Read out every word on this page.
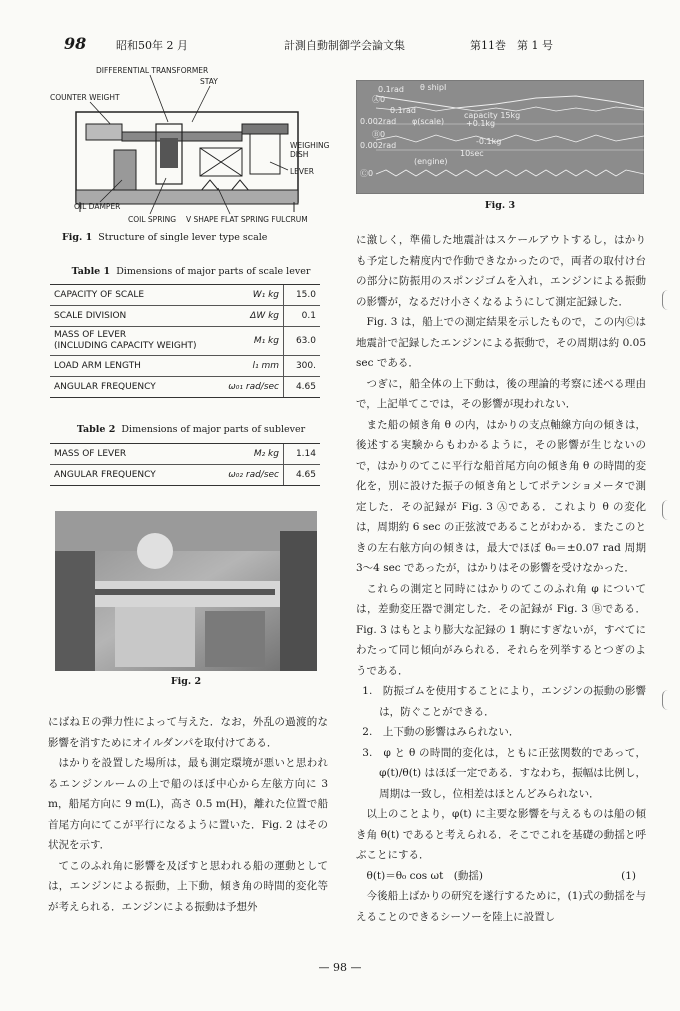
98	昭和50年 2 月	計測自動制御学会論文集	第11巻　第 1 号
DIFFERENTIAL TRANSFORMER
STAY
COUNTER WEIGHT
WEIGHING
DISH
LEVER
OIL DAMPER
COIL SPRING V SHAPE FLAT SPRING FULCRUM
Fig. 1 Structure of single lever type scale
Table 1 Dimensions of major parts of scale lever
CAPACITY OF SCALE	W₁ kg	15.0
SCALE DIVISION	ΔW kg	0.1
MASS OF LEVER
(INCLUDING CAPACITY WEIGHT)	M₁ kg	63.0
LOAD ARM LENGTH	l₁ mm	300.
ANGULAR FREQUENCY	ω₀₁ rad/sec	4.65
Table 2 Dimensions of major parts of sublever
MASS OF LEVER	M₂ kg	1.14
ANGULAR FREQUENCY	ω₀₂ rad/sec	4.65
Fig. 2

にばねＥの弾力性によって与えた．なお，外乱の過渡的な影響を消すためにオイルダンパを取付けてある．

はかりを設置した場所は，最も測定環境が悪いと思われるエンジンルームの上で船のほぼ中心から左舷方向に 3 m，船尾方向に 9 m(L)，高さ 0.5 m(H)，離れた位置で船首尾方向にてこが平行になるように置いた．Fig. 2 はその状況を示す．

てこのふれ角に影響を及ぼすと思われる船の運動としては，エンジンによる振動，上下動，傾き角の時間的変化等が考えられる．エンジンによる振動は予想外

0.1rad θ shipI
Ⓐ0
0.1rad
capacity 15kg
0.002rad φ(scale)	+0.1kg
Ⓑ0
-0.1kg
0.002rad
10sec
(engine)
Ⓒ0
Fig. 3

に激しく，準備した地震計はスケールアウトするし，はかりも予定した精度内で作動できなかったので，両者の取付け台の部分に防振用のスポンジゴムを入れ，エンジンによる振動の影響が，なるだけ小さくなるようにして測定記録した．

Fig. 3 は，船上での測定結果を示したもので，この内Ⓒは地震計で記録したエンジンによる振動で，その周期は約 0.05 sec である．

つぎに，船全体の上下動は，後の理論的考察に述べる理由で，上記単てこでは，その影響が現われない．

また船の傾き角 θ の内，はかりの支点軸線方向の傾きは，後述する実験からもわかるように，その影響が生じないので，はかりのてこに平行な船首尾方向の傾き角 θ の時間的変化を，別に設けた振子の傾き角としてポテンショメータで測定した．その記録が Fig. 3 Ⓐである．これより θ の変化は，周期約 6 sec の正弦波であることがわかる．またこのときの左右舷方向の傾きは，最大でほぼ θ₀＝±0.07 rad 周期 3〜4 sec であったが，はかりはその影響を受けなかった．

これらの測定と同時にはかりのてこのふれ角 φ については，差動変圧器で測定した．その記録が Fig. 3 Ⓑである．Fig. 3 はもとより膨大な記録の 1 駒にすぎないが，すべてにわたって同じ傾向がみられる．それらを列挙するとつぎのようである．

1.　防振ゴムを使用することにより，エンジンの振動の影響は，防ぐことができる．

2.　上下動の影響はみられない．

3.　φ と θ の時間的変化は，ともに正弦関数的であって，φ(t)/θ(t) はほぼ一定である．すなわち，振幅は比例し，周期は一致し，位相差はほとんどみられない．

以上のことより，φ(t) に主要な影響を与えるものは船の傾き角 θ(t) であると考えられる．そこでこれを基礎の動揺と呼ぶことにする．

θ(t)＝θ₀ cos ωt　(動揺)	(1)

今後船上ばかりの研究を遂行するために，(1)式の動揺を与えることのできるシーソーを陸上に設置し

— 98 —
